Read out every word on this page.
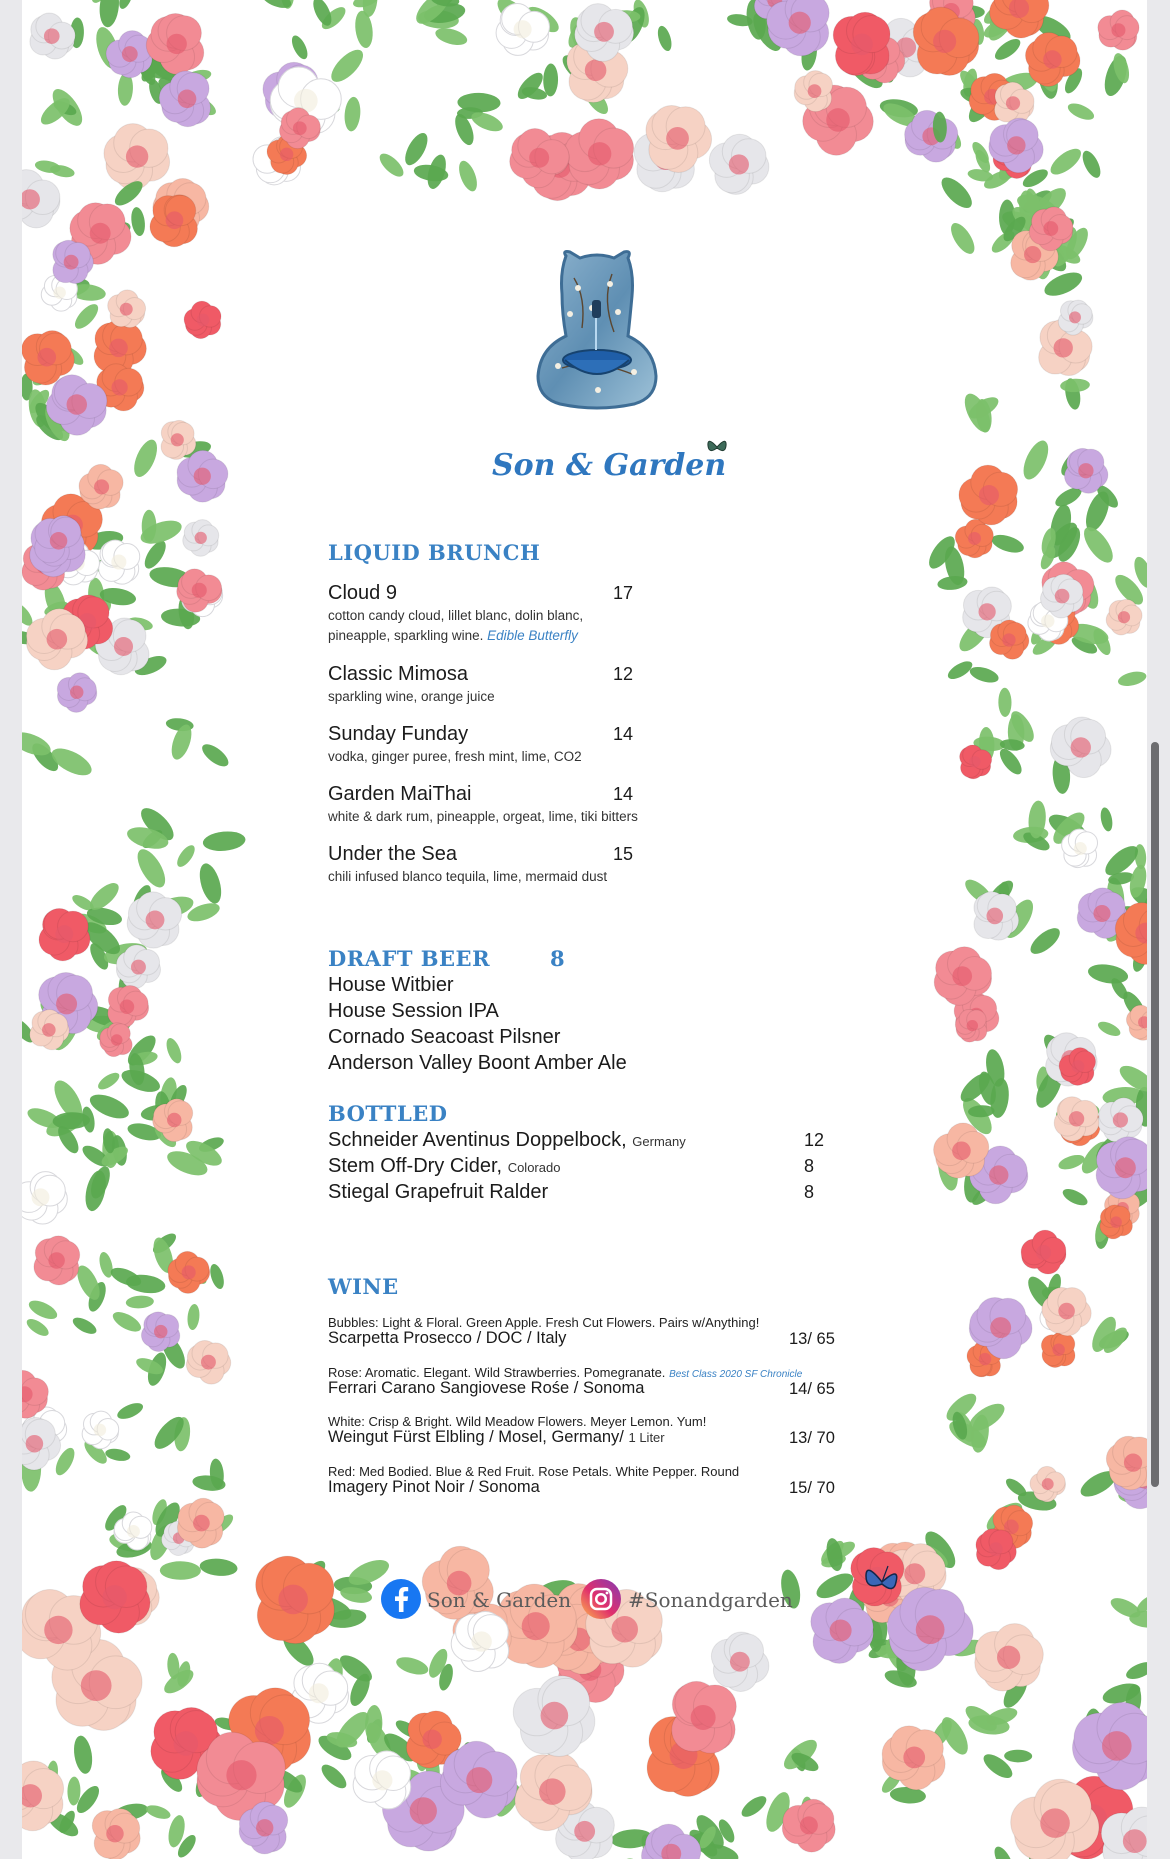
Son & Garden
LIQUID BRUNCH
Cloud 9	17
cotton candy cloud, lillet blanc, dolin blanc,
pineapple, sparkling wine. Edible Butterfly
Classic Mimosa	12
sparkling wine, orange juice
Sunday Funday	14
vodka, ginger puree, fresh mint, lime, CO2
Garden MaiThai	14
white & dark rum, pineapple, orgeat, lime, tiki bitters
Under the Sea	15
chili infused blanco tequila, lime, mermaid dust
DRAFT BEER	8
House Witbier
House Session IPA
Cornado Seacoast Pilsner
Anderson Valley Boont Amber Ale
BOTTLED
Schneider Aventinus Doppelbock, Germany	12
Stem Off-Dry Cider, Colorado	8
Stiegal Grapefruit Ralder	8
WINE
Bubbles: Light & Floral. Green Apple. Fresh Cut Flowers. Pairs w/Anything!
Scarpetta Prosecco / DOC / Italy	13/ 65
Rose: Aromatic. Elegant. Wild Strawberries. Pomegranate. Best Class 2020 SF Chronicle
Ferrari Carano Sangiovese Rośe / Sonoma	14/ 65
White: Crisp & Bright. Wild Meadow Flowers. Meyer Lemon. Yum!
Weingut Fürst Elbling / Mosel, Germany/ 1 Liter	13/ 70
Red: Med Bodied. Blue & Red Fruit. Rose Petals. White Pepper. Round
Imagery Pinot Noir / Sonoma	15/ 70
Son & Garden	#Sonandgarden
